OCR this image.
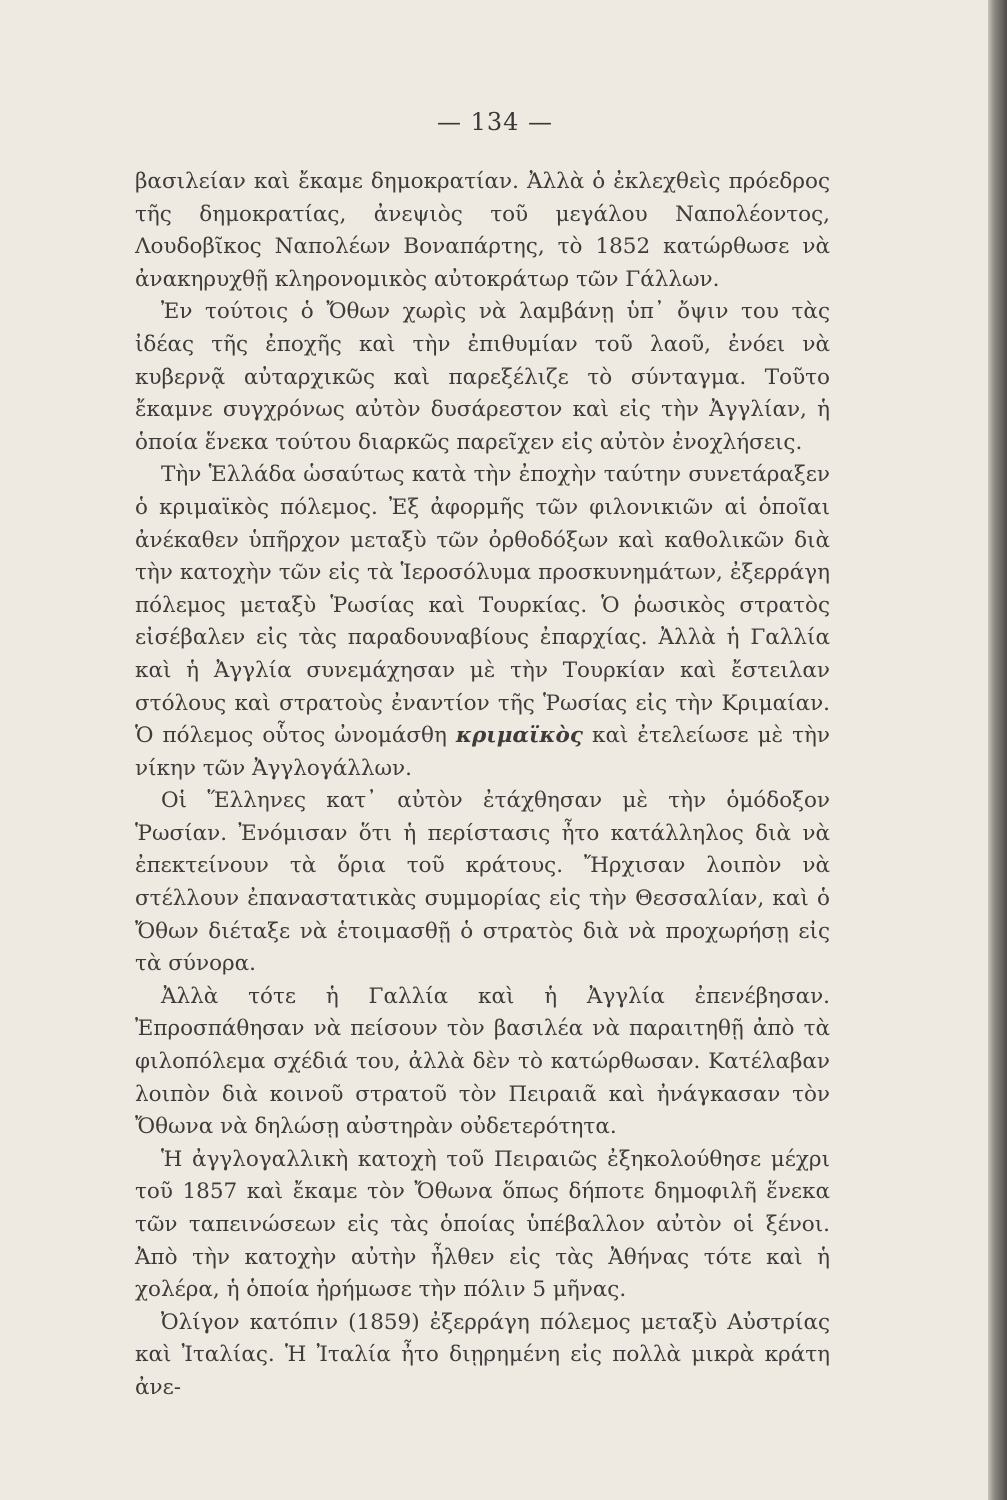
— 134 —

βασιλείαν καὶ ἔκαμε δημοκρατίαν. Ἀλλὰ ὁ ἐκλεχθεὶς πρόεδρος τῆς δημοκρατίας, ἀνεψιὸς τοῦ μεγάλου Ναπολέοντος, Λουδοβῖκος Ναπολέων Βοναπάρτης, τὸ 1852 κατώρθωσε νὰ ἀνακηρυχθῇ κληρονομικὸς αὐτοκράτωρ τῶν Γάλλων.

Ἐν τούτοις ὁ Ὄθων χωρὶς νὰ λαμβάνῃ ὑπ᾽ ὄψιν του τὰς ἰδέας τῆς ἐποχῆς καὶ τὴν ἐπιθυμίαν τοῦ λαοῦ, ἐνόει νὰ κυβερνᾷ αὐταρχικῶς καὶ παρεξέλιζε τὸ σύνταγμα. Τοῦτο ἔκαμνε συγχρόνως αὐτὸν δυσάρεστον καὶ εἰς τὴν Ἀγγλίαν, ἡ ὁποία ἕνεκα τούτου διαρκῶς παρεῖχεν εἰς αὐτὸν ἐνοχλήσεις.

Τὴν Ἑλλάδα ὡσαύτως κατὰ τὴν ἐποχὴν ταύτην συνετάραξεν ὁ κριμαϊκὸς πόλεμος. Ἐξ ἀφορμῆς τῶν φιλονικιῶν αἱ ὁποῖαι ἀνέκαθεν ὑπῆρχον μεταξὺ τῶν ὀρθοδόξων καὶ καθολικῶν διὰ τὴν κατοχὴν τῶν εἰς τὰ Ἱεροσόλυμα προσκυνημάτων, ἐξερράγη πόλεμος μεταξὺ Ῥωσίας καὶ Τουρκίας. Ὁ ῥωσικὸς στρατὸς εἰσέβαλεν εἰς τὰς παραδουναβίους ἐπαρχίας. Ἀλλὰ ἡ Γαλλία καὶ ἡ Ἀγγλία συνεμάχησαν μὲ τὴν Τουρκίαν καὶ ἔστειλαν στόλους καὶ στρατοὺς ἐναντίον τῆς Ῥωσίας εἰς τὴν Κριμαίαν. Ὁ πόλεμος οὗτος ὠνομάσθη κριμαϊκὸς καὶ ἐτελείωσε μὲ τὴν νίκην τῶν Ἀγγλογάλλων.

Οἱ Ἕλληνες κατ᾽ αὐτὸν ἐτάχθησαν μὲ τὴν ὁμόδοξον Ῥωσίαν. Ἐνόμισαν ὅτι ἡ περίστασις ἦτο κατάλληλος διὰ νὰ ἐπεκτείνουν τὰ ὅρια τοῦ κράτους. Ἤρχισαν λοιπὸν νὰ στέλλουν ἐπαναστατικὰς συμμορίας εἰς τὴν Θεσσαλίαν, καὶ ὁ Ὄθων διέταξε νὰ ἑτοιμασθῇ ὁ στρατὸς διὰ νὰ προχωρήσῃ εἰς τὰ σύνορα.

Ἀλλὰ τότε ἡ Γαλλία καὶ ἡ Ἀγγλία ἐπενέβησαν. Ἐπροσπάθησαν νὰ πείσουν τὸν βασιλέα νὰ παραιτηθῇ ἀπὸ τὰ φιλοπόλεμα σχέδιά του, ἀλλὰ δὲν τὸ κατώρθωσαν. Κατέλαβαν λοιπὸν διὰ κοινοῦ στρατοῦ τὸν Πειραιᾶ καὶ ἠνάγκασαν τὸν Ὄθωνα νὰ δηλώσῃ αὐστηρὰν οὐδετερότητα.

Ἡ ἀγγλογαλλικὴ κατοχὴ τοῦ Πειραιῶς ἐξηκολούθησε μέχρι τοῦ 1857 καὶ ἔκαμε τὸν Ὄθωνα ὅπως δήποτε δημοφιλῆ ἕνεκα τῶν ταπεινώσεων εἰς τὰς ὁποίας ὑπέβαλλον αὐτὸν οἱ ξένοι. Ἀπὸ τὴν κατοχὴν αὐτὴν ἦλθεν εἰς τὰς Ἀθήνας τότε καὶ ἡ χολέρα, ἡ ὁποία ἠρήμωσε τὴν πόλιν 5 μῆνας.

Ὀλίγον κατόπιν (1859) ἐξερράγη πόλεμος μεταξὺ Αὐστρίας καὶ Ἰταλίας. Ἡ Ἰταλία ἦτο διῃρημένη εἰς πολλὰ μικρὰ κράτη ἀνε-
